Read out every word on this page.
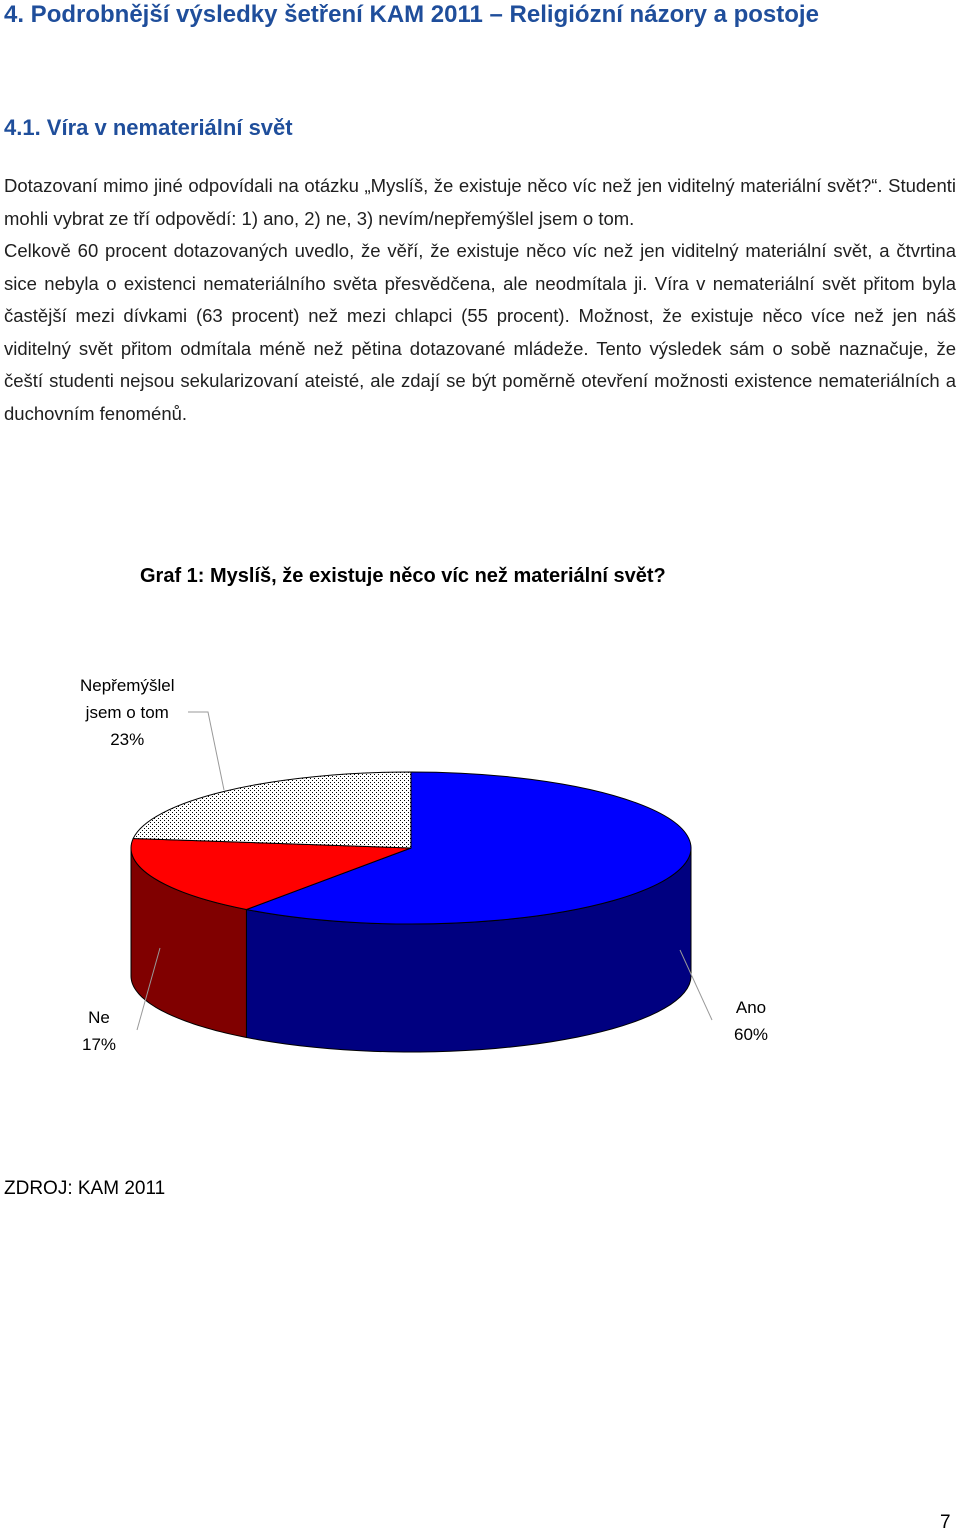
4. Podrobnější výsledky šetření KAM 2011 – Religiózní názory a postoje
4.1. Víra v nemateriální svět
Dotazovaní mimo jiné odpovídali na otázku „Myslíš, že existuje něco víc než jen viditelný materiální svět?“. Studenti mohli vybrat ze tří odpovědí: 1) ano, 2) ne, 3) nevím/nepřemýšlel jsem o tom.
Celkově 60 procent dotazovaných uvedlo, že věří, že existuje něco víc než jen viditelný materiální svět, a čtvrtina sice nebyla o existenci nemateriálního světa přesvědčena, ale neodmítala ji. Víra v nemateriální svět přitom byla častější mezi dívkami (63 procent) než mezi chlapci (55 procent). Možnost, že existuje něco více než jen náš viditelný svět přitom odmítala méně než pětina dotazované mládeže. Tento výsledek sám o sobě naznačuje, že čeští studenti nejsou sekularizovaní ateisté, ale zdají se být poměrně otevření možnosti existence nemateriálních a duchovním fenoménů.
Graf 1: Myslíš, že existuje něco víc než materiální svět?
Nepřemýšlel
jsem o tom
23%
Ne
17%
Ano
60%
ZDROJ: KAM 2011
7
